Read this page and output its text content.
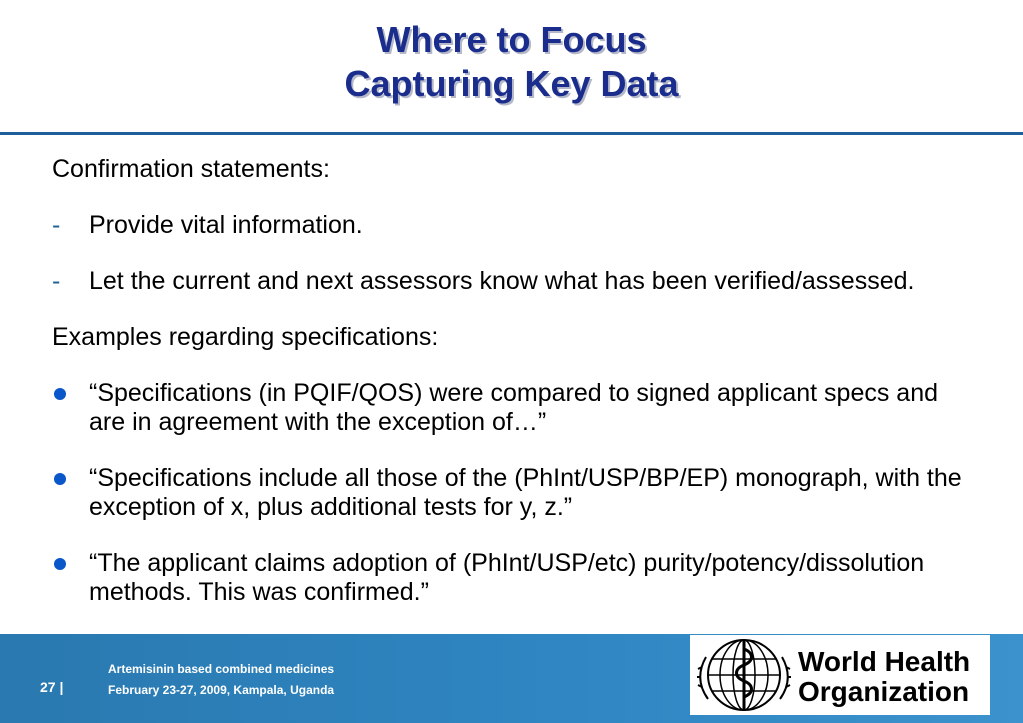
Where to Focus
Capturing Key Data

Confirmation statements:

- Provide vital information.
- Let the current and next assessors know what has been verified/assessed.

Examples regarding specifications:

“Specifications (in PQIF/QOS) were compared to signed applicant specs and are in agreement with the exception of…”
“Specifications include all those of the (PhInt/USP/BP/EP) monograph, with the exception of x, plus additional tests for y, z.”
“The applicant claims adoption of (PhInt/USP/etc) purity/potency/dissolution methods. This was confirmed.”
27 |
Artemisinin based combined medicines
February 23-27, 2009, Kampala, Uganda
World Health
Organization
